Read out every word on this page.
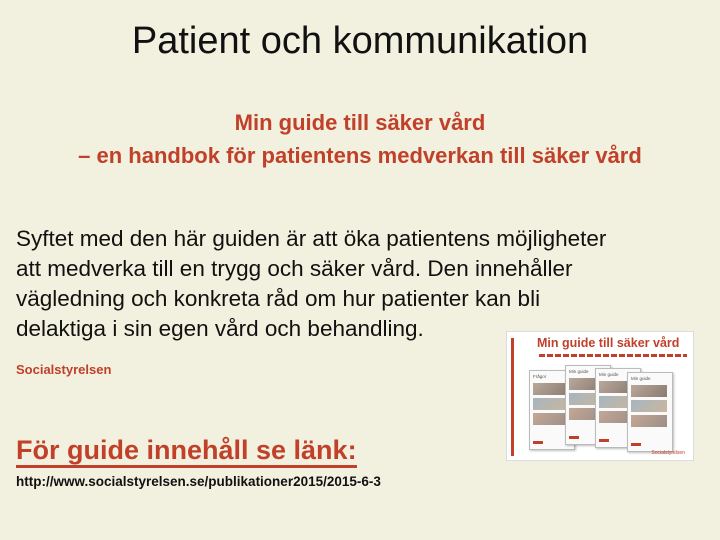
Patient och kommunikation
Min guide till säker vård
– en handbok för patientens medverkan till säker vård
Syftet med den här guiden är att öka patientens möjligheter
att medverka till en trygg och säker vård. Den innehåller
vägledning och konkreta råd om hur patienter kan bli
delaktiga i sin egen vård och behandling.
Socialstyrelsen
För guide innehåll se länk:
http://www.socialstyrelsen.se/publikationer2015/2015-6-3
Min guide till säker vård
Frågor
Min guide
Min guide
Min guide
Socialstyrelsen
